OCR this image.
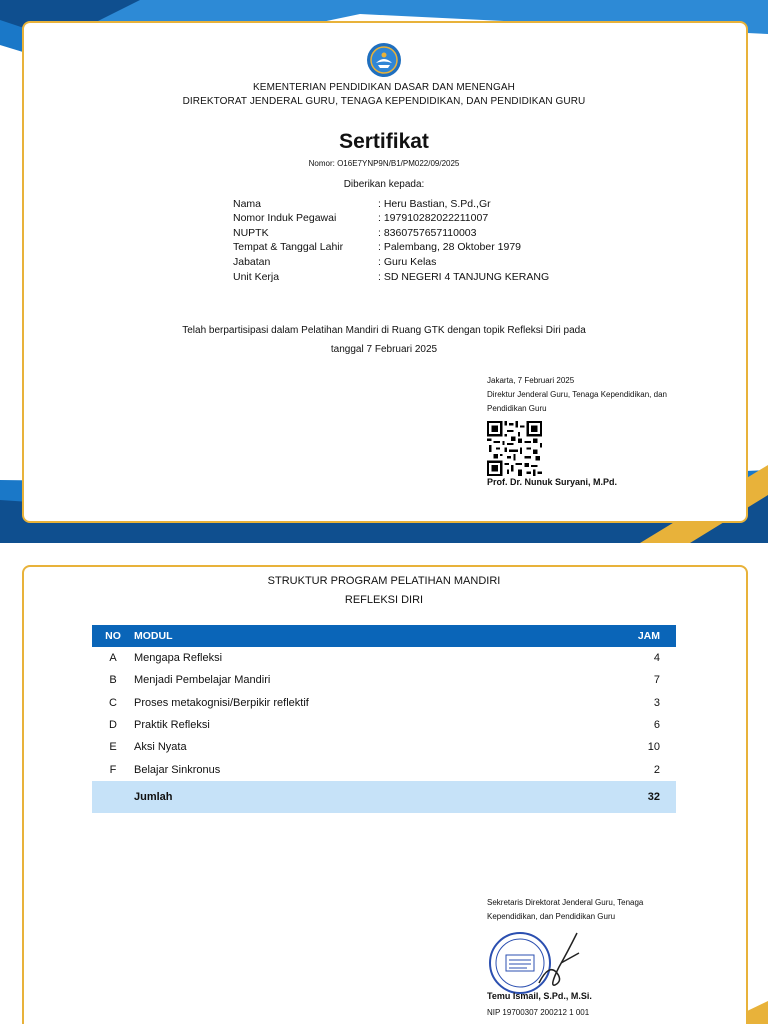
KEMENTERIAN PENDIDIKAN DASAR DAN MENENGAH
DIREKTORAT JENDERAL GURU, TENAGA KEPENDIDIKAN, DAN PENDIDIKAN GURU
Sertifikat
Nomor: O16E7YNP9N/B1/PM022/09/2025
Diberikan kepada:
Nama	: Heru Bastian, S.Pd.,Gr
Nomor Induk Pegawai	: 197910282022211007
NUPTK	: 8360757657110003
Tempat & Tanggal Lahir	: Palembang, 28 Oktober 1979
Jabatan	: Guru Kelas
Unit Kerja	: SD NEGERI 4 TANJUNG KERANG
Telah berpartisipasi dalam Pelatihan Mandiri di Ruang GTK dengan topik Refleksi Diri pada
tanggal 7 Februari 2025
Jakarta, 7 Februari 2025
Direktur Jenderal Guru, Tenaga Kependidikan, dan
Pendidikan Guru
Prof. Dr. Nunuk Suryani, M.Pd.
STRUKTUR PROGRAM PELATIHAN MANDIRI
REFLEKSI DIRI
NO	MODUL	JAM
A	Mengapa Refleksi	4
B	Menjadi Pembelajar Mandiri	7
C	Proses metakognisi/Berpikir reflektif	3
D	Praktik Refleksi	6
E	Aksi Nyata	10
F	Belajar Sinkronus	2
	Jumlah	32
Sekretaris Direktorat Jenderal Guru, Tenaga
Kependidikan, dan Pendidikan Guru
Temu Ismail, S.Pd., M.Si.
NIP 19700307 200212 1 001
